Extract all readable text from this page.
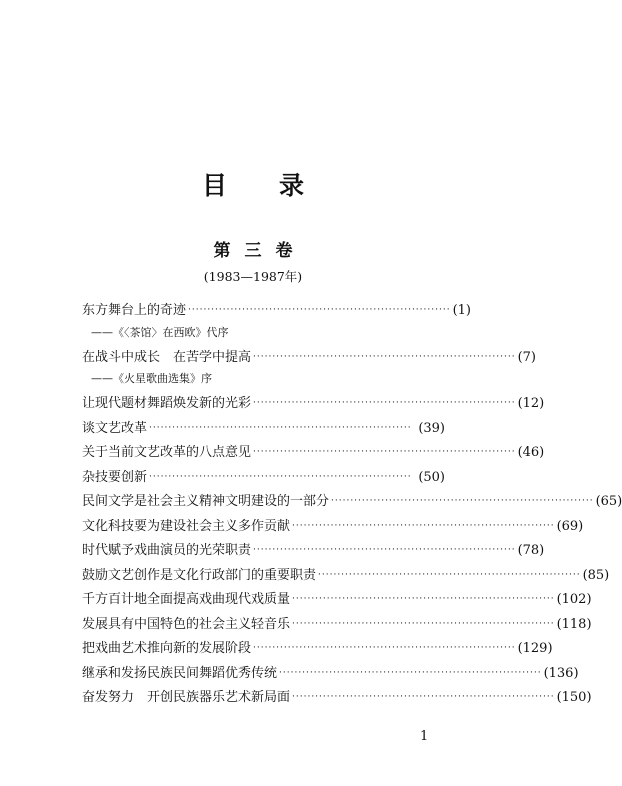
目 录
第 三 卷
(1983—1987年)
东方舞台上的奇迹 ···································································· (1)
——《〈茶馆〉在西欧》代序
在战斗中成长　在苦学中提高 ···································································· (7)
——《火星歌曲选集》序
让现代题材舞蹈焕发新的光彩 ···································································· (12)
谈文艺改革 ···································································· (39)
关于当前文艺改革的八点意见 ···································································· (46)
杂技要创新 ···································································· (50)
民间文学是社会主义精神文明建设的一部分 ···································································· (65)
文化科技要为建设社会主义多作贡献 ···································································· (69)
时代赋予戏曲演员的光荣职责 ···································································· (78)
鼓励文艺创作是文化行政部门的重要职责 ···································································· (85)
千方百计地全面提高戏曲现代戏质量 ···································································· (102)
发展具有中国特色的社会主义轻音乐 ···································································· (118)
把戏曲艺术推向新的发展阶段 ···································································· (129)
继承和发扬民族民间舞蹈优秀传统 ···································································· (136)
奋发努力　开创民族器乐艺术新局面 ···································································· (150)
1
